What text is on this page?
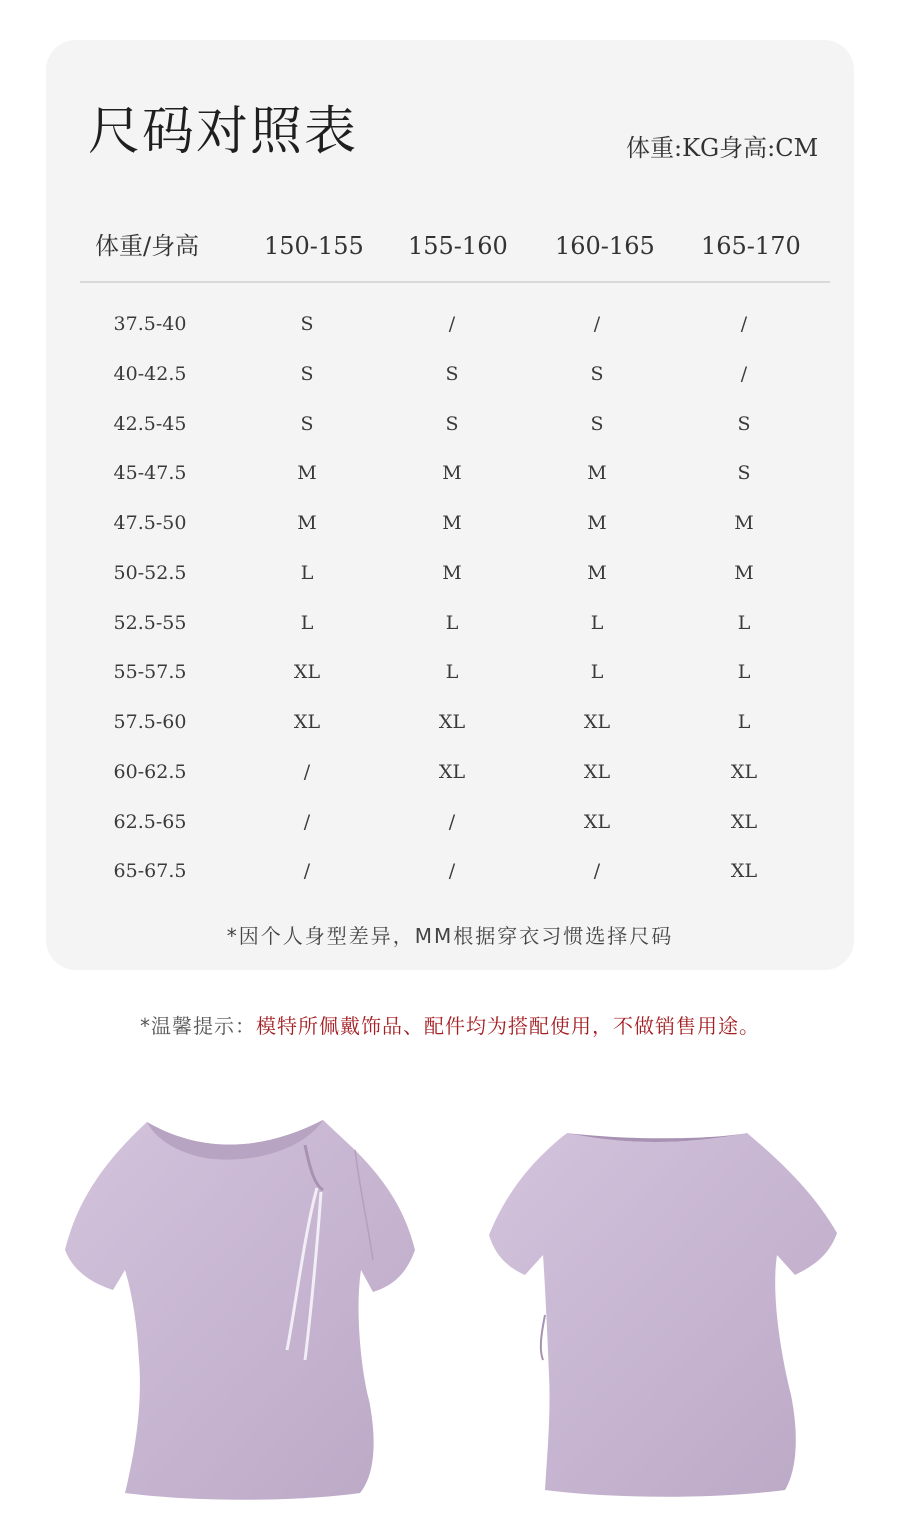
尺码对照表	体重:KG身高:CM
体重/身高	150-155 155-160 160-165 165-170
37.5-40	S	/	/	/
40-42.5	S	S	S	/
42.5-45	S	S	S	S
45-47.5	M	M	M	S
47.5-50	M	M	M	M
50-52.5	L	M	M	M
52.5-55	L	L	L	L
55-57.5	XL	L	L	L
57.5-60	XL	XL	XL	L
60-62.5	/	XL	XL	XL
62.5-65	/	/	XL	XL
65-67.5	/	/	/	XL
*因个人身型差异，MM根据穿衣习惯选择尺码
*温馨提示：模特所佩戴饰品、配件均为搭配使用，不做销售用途。
